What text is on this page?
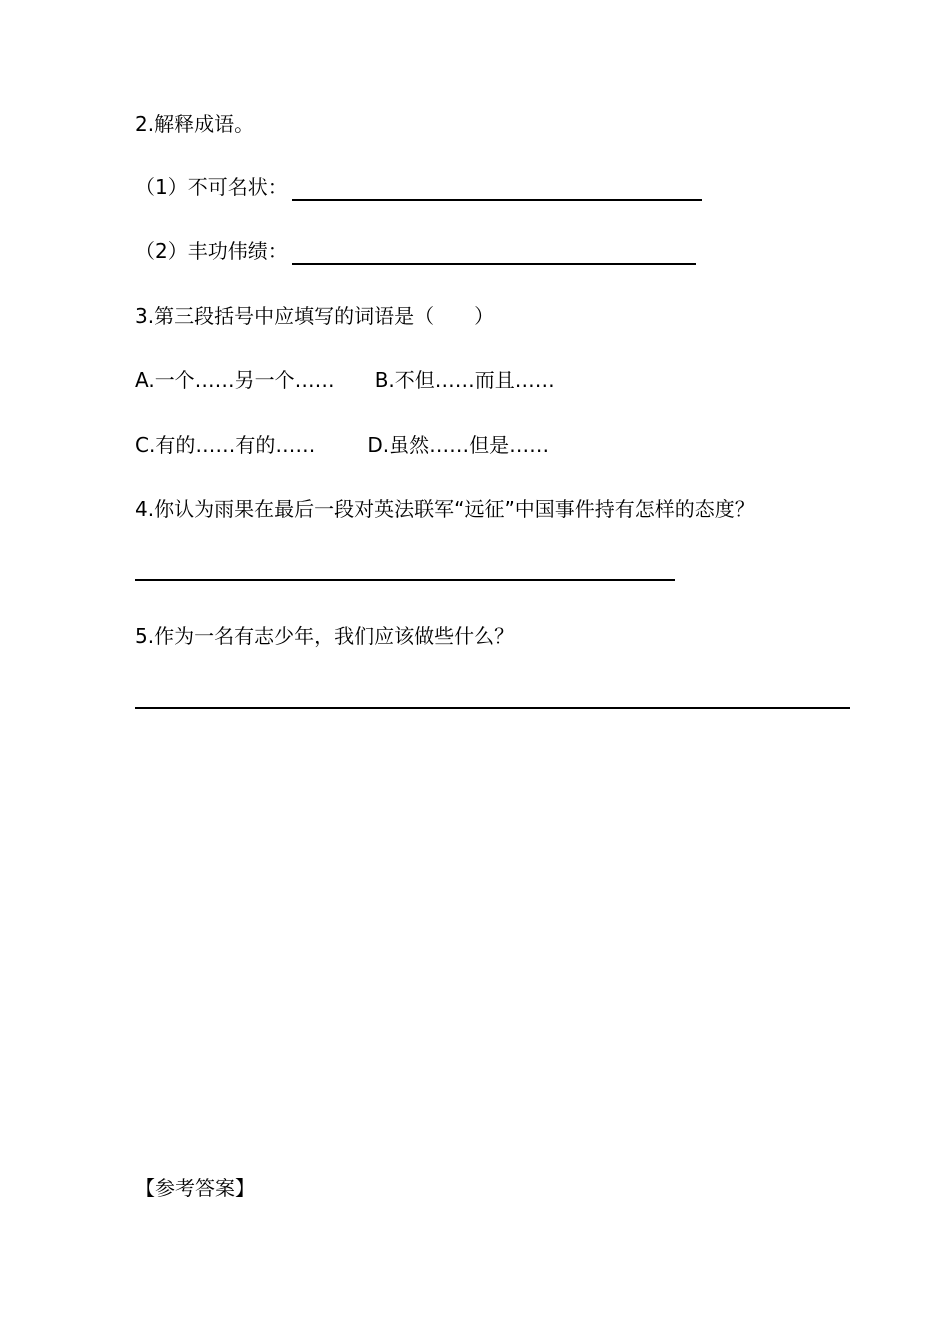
2.解释成语。
（1）不可名状：
（2）丰功伟绩：
3.第三段括号中应填写的词语是（　　）
A.一个……另一个…… B.不但……而且……
C.有的……有的……	D.虽然……但是……
4.你认为雨果在最后一段对英法联军“远征”中国事件持有怎样的态度？
5.作为一名有志少年，我们应该做些什么？
【参考答案】
